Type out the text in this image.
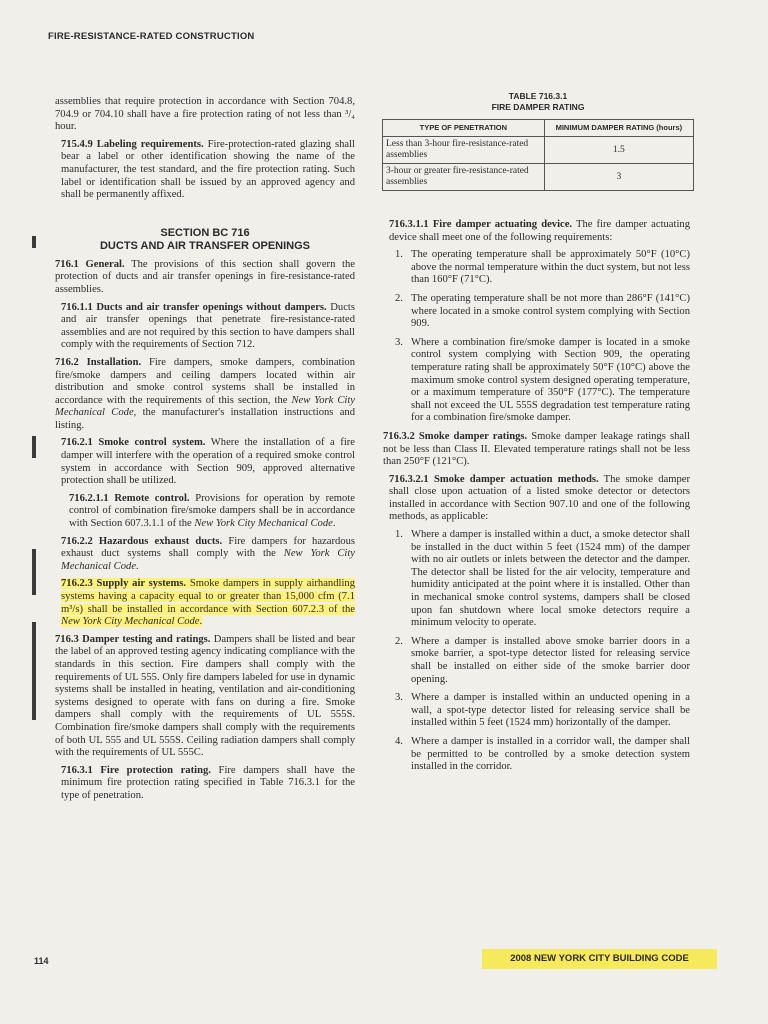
FIRE-RESISTANCE-RATED CONSTRUCTION

assemblies that require protection in accordance with Section 704.8, 704.9 or 704.10 shall have a fire protection rating of not less than ³/₄ hour.

715.4.9 Labeling requirements. Fire-protection-rated glazing shall bear a label or other identification showing the name of the manufacturer, the test standard, and the fire protection rating. Such label or identification shall be issued by an approved agency and shall be permanently affixed.

SECTION BC 716
DUCTS AND AIR TRANSFER OPENINGS

716.1 General. The provisions of this section shall govern the protection of ducts and air transfer openings in fire-resistance-rated assemblies.

716.1.1 Ducts and air transfer openings without dampers. Ducts and air transfer openings that penetrate fire-resistance-rated assemblies and are not required by this section to have dampers shall comply with the requirements of Section 712.

716.2 Installation. Fire dampers, smoke dampers, combination fire/smoke dampers and ceiling dampers located within air distribution and smoke control systems shall be installed in accordance with the requirements of this section, the New York City Mechanical Code, the manufacturer's installation instructions and listing.

716.2.1 Smoke control system. Where the installation of a fire damper will interfere with the operation of a required smoke control system in accordance with Section 909, approved alternative protection shall be utilized.

716.2.1.1 Remote control. Provisions for operation by remote control of combination fire/smoke dampers shall be in accordance with Section 607.3.1.1 of the New York City Mechanical Code.

716.2.2 Hazardous exhaust ducts. Fire dampers for hazardous exhaust duct systems shall comply with the New York City Mechanical Code.

716.2.3 Supply air systems. Smoke dampers in supply airhandling systems having a capacity equal to or greater than 15,000 cfm (7.1 m³/s) shall be installed in accordance with Section 607.2.3 of the New York City Mechanical Code.

716.3 Damper testing and ratings. Dampers shall be listed and bear the label of an approved testing agency indicating compliance with the standards in this section. Fire dampers shall comply with the requirements of UL 555. Only fire dampers labeled for use in dynamic systems shall be installed in heating, ventilation and air-conditioning systems designed to operate with fans on during a fire. Smoke dampers shall comply with the requirements of UL 555S. Combination fire/smoke dampers shall comply with the requirements of both UL 555 and UL 555S. Ceiling radiation dampers shall comply with the requirements of UL 555C.

716.3.1 Fire protection rating. Fire dampers shall have the minimum fire protection rating specified in Table 716.3.1 for the type of penetration.

TABLE 716.3.1
FIRE DAMPER RATING
TYPE OF PENETRATION	MINIMUM DAMPER RATING (hours)
Less than 3-hour fire-resistance-rated assemblies	1.5
3-hour or greater fire-resistance-rated assemblies	3

716.3.1.1 Fire damper actuating device. The fire damper actuating device shall meet one of the following requirements:

1. The operating temperature shall be approximately 50°F (10°C) above the normal temperature within the duct system, but not less than 160°F (71°C).
2. The operating temperature shall be not more than 286°F (141°C) where located in a smoke control system complying with Section 909.
3. Where a combination fire/smoke damper is located in a smoke control system complying with Section 909, the operating temperature rating shall be approximately 50°F (10°C) above the maximum smoke control system designed operating temperature, or a maximum temperature of 350°F (177°C). The temperature shall not exceed the UL 555S degradation test temperature rating for a combination fire/smoke damper.

716.3.2 Smoke damper ratings. Smoke damper leakage ratings shall not be less than Class II. Elevated temperature ratings shall not be less than 250°F (121°C).

716.3.2.1 Smoke damper actuation methods. The smoke damper shall close upon actuation of a listed smoke detector or detectors installed in accordance with Section 907.10 and one of the following methods, as applicable:

1. Where a damper is installed within a duct, a smoke detector shall be installed in the duct within 5 feet (1524 mm) of the damper with no air outlets or inlets between the detector and the damper. The detector shall be listed for the air velocity, temperature and humidity anticipated at the point where it is installed. Other than in mechanical smoke control systems, dampers shall be closed upon fan shutdown where local smoke detectors require a minimum velocity to operate.
2. Where a damper is installed above smoke barrier doors in a smoke barrier, a spot-type detector listed for releasing service shall be installed on either side of the smoke barrier door opening.
3. Where a damper is installed within an unducted opening in a wall, a spot-type detector listed for releasing service shall be installed within 5 feet (1524 mm) horizontally of the damper.
4. Where a damper is installed in a corridor wall, the damper shall be permitted to be controlled by a smoke detection system installed in the corridor.
114	2008 NEW YORK CITY BUILDING CODE
